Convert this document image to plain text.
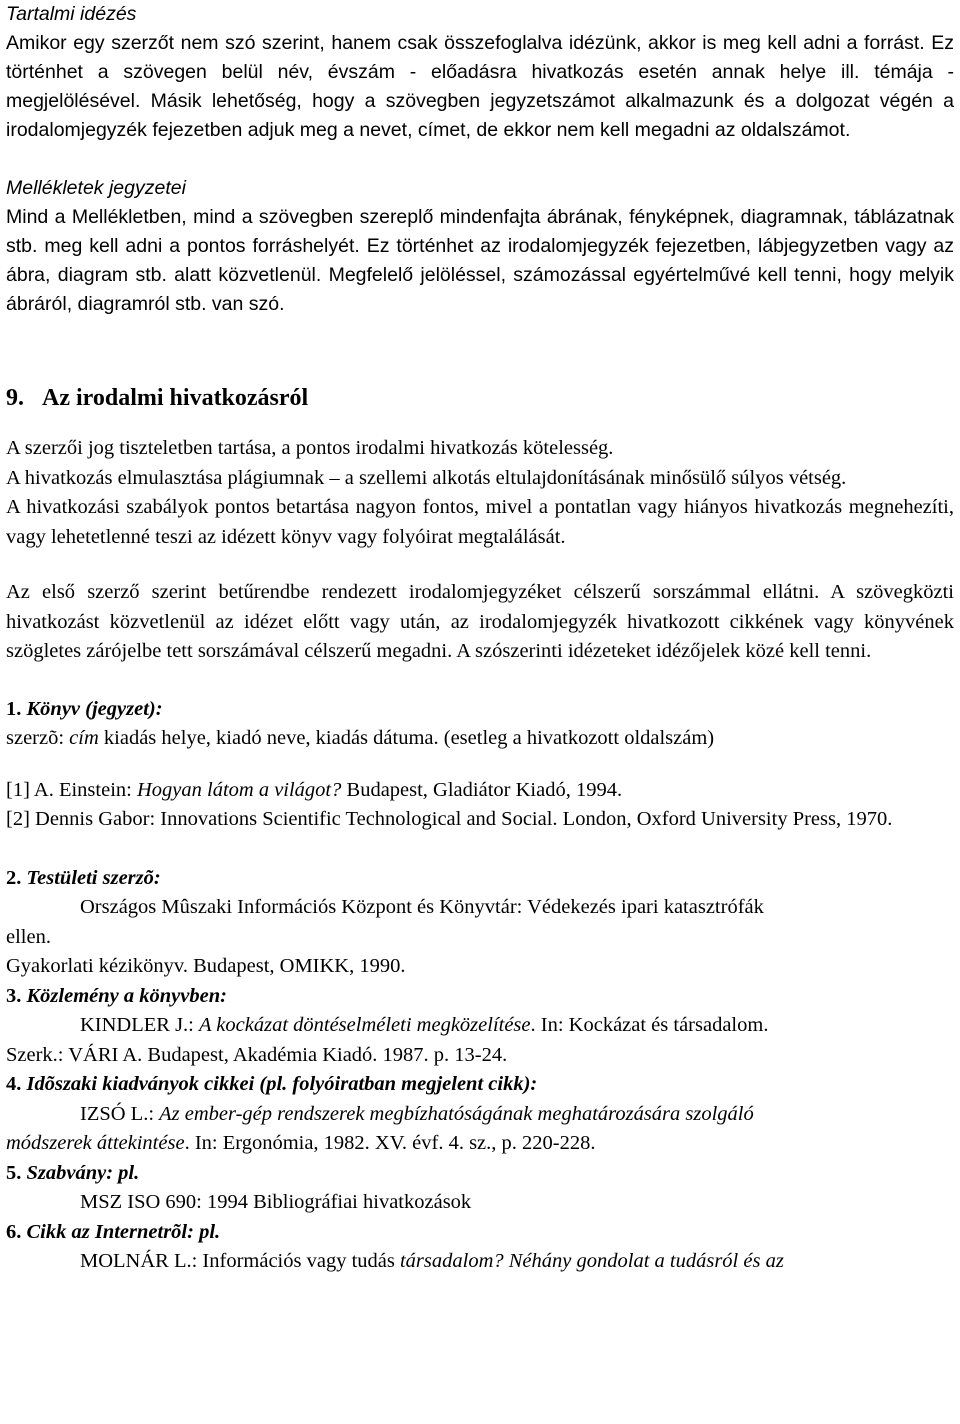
Tartalmi idézés

Amikor egy szerzőt nem szó szerint, hanem csak összefoglalva idézünk, akkor is meg kell adni a forrást. Ez történhet a szövegen belül név, évszám - előadásra hivatkozás esetén annak helye ill. témája - megjelölésével. Másik lehetőség, hogy a szövegben jegyzetszámot alkalmazunk és a dolgozat végén a irodalomjegyzék fejezetben adjuk meg a nevet, címet, de ekkor nem kell megadni az oldalszámot.

Mellékletek jegyzetei

Mind a Mellékletben, mind a szövegben szereplő mindenfajta ábrának, fényképnek, diagramnak, táblázatnak stb. meg kell adni a pontos forráshelyét. Ez történhet az irodalomjegyzék fejezetben, lábjegyzetben vagy az ábra, diagram stb. alatt közvetlenül. Megfelelő jelöléssel, számozással egyértelművé kell tenni, hogy melyik ábráról, diagramról stb. van szó.

9. Az irodalmi hivatkozásról

A szerzői jog tiszteletben tartása, a pontos irodalmi hivatkozás kötelesség.

A hivatkozás elmulasztása plágiumnak – a szellemi alkotás eltulajdonításának minősülő súlyos vétség.

A hivatkozási szabályok pontos betartása nagyon fontos, mivel a pontatlan vagy hiányos hivatkozás megnehezíti, vagy lehetetlenné teszi az idézett könyv vagy folyóirat megtalálását.

Az első szerző szerint betűrendbe rendezett irodalomjegyzéket célszerű sorszámmal ellátni. A szövegközti hivatkozást közvetlenül az idézet előtt vagy után, az irodalomjegyzék hivatkozott cikkének vagy könyvének szögletes zárójelbe tett sorszámával célszerű megadni. A szószerinti idézeteket idézőjelek közé kell tenni.

1. Könyv (jegyzet):

szerzõ: cím kiadás helye, kiadó neve, kiadás dátuma. (esetleg a hivatkozott oldalszám)

[1] A. Einstein: Hogyan látom a világot? Budapest, Gladiátor Kiadó, 1994.

[2] Dennis Gabor: Innovations Scientific Technological and Social. London, Oxford University Press, 1970.

2. Testületi szerzõ:

Országos Mûszaki Információs Központ és Könyvtár: Védekezés ipari katasztrófák

ellen.

Gyakorlati kézikönyv. Budapest, OMIKK, 1990.

3. Közlemény a könyvben:

KINDLER J.: A kockázat döntéselméleti megközelítése. In: Kockázat és társadalom.

Szerk.: VÁRI A. Budapest, Akadémia Kiadó. 1987. p. 13-24.

4. Idõszaki kiadványok cikkei (pl. folyóiratban megjelent cikk):

IZSÓ L.: Az ember-gép rendszerek megbízhatóságának meghatározására szolgáló

módszerek áttekintése. In: Ergonómia, 1982. XV. évf. 4. sz., p. 220-228.

5. Szabvány: pl.

MSZ ISO 690: 1994 Bibliográfiai hivatkozások

6. Cikk az Internetrõl: pl.

MOLNÁR L.: Információs vagy tudás társadalom? Néhány gondolat a tudásról és az
